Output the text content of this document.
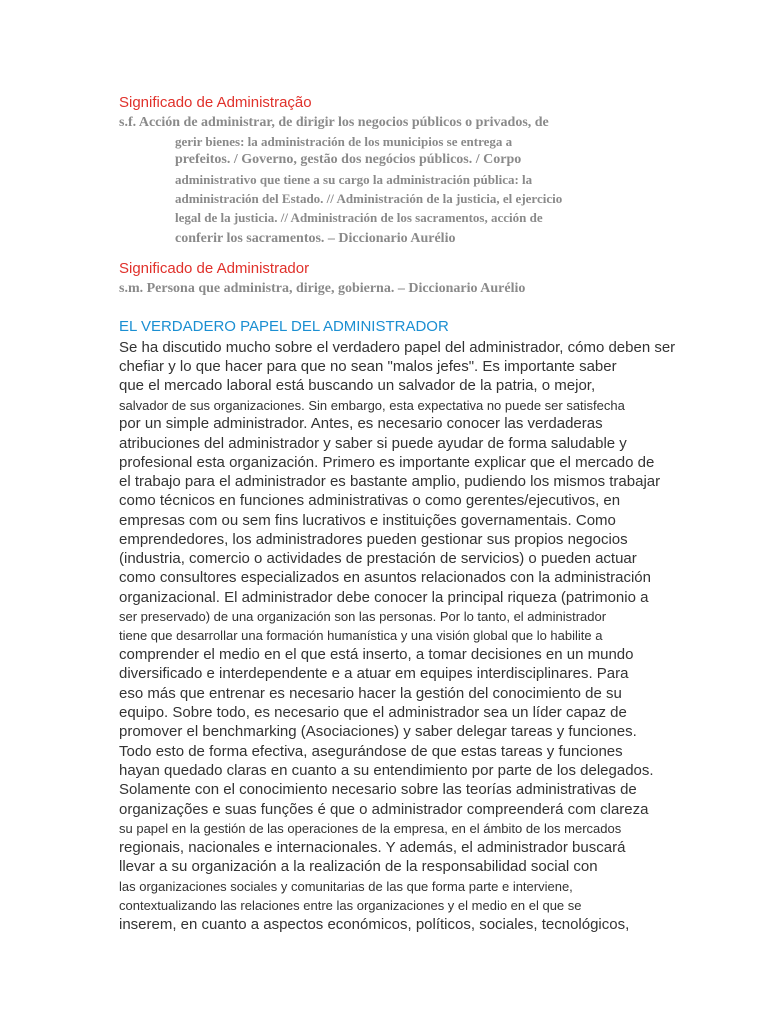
Significado de Administração
s.f. Acción de administrar, de dirigir los negocios públicos o privados, de
gerir bienes: la administración de los municipios se entrega a
prefeitos. / Governo, gestão dos negócios públicos. / Corpo
administrativo que tiene a su cargo la administración pública: la
administración del Estado. // Administración de la justicia, el ejercicio
legal de la justicia. // Administración de los sacramentos, acción de
conferir los sacramentos. – Diccionario Aurélio
Significado de Administrador
s.m. Persona que administra, dirige, gobierna. – Diccionario Aurélio
EL VERDADERO PAPEL DEL ADMINISTRADOR
Se ha discutido mucho sobre el verdadero papel del administrador, cómo deben ser
chefiar y lo que hacer para que no sean "malos jefes". Es importante saber
que el mercado laboral está buscando un salvador de la patria, o mejor,
salvador de sus organizaciones. Sin embargo, esta expectativa no puede ser satisfecha
por un simple administrador. Antes, es necesario conocer las verdaderas
atribuciones del administrador y saber si puede ayudar de forma saludable y
profesional esta organización. Primero es importante explicar que el mercado de
el trabajo para el administrador es bastante amplio, pudiendo los mismos trabajar
como técnicos en funciones administrativas o como gerentes/ejecutivos, en
empresas com ou sem fins lucrativos e instituições governamentais. Como
emprendedores, los administradores pueden gestionar sus propios negocios
(industria, comercio o actividades de prestación de servicios) o pueden actuar
como consultores especializados en asuntos relacionados con la administración
organizacional. El administrador debe conocer la principal riqueza (patrimonio a
ser preservado) de una organización son las personas. Por lo tanto, el administrador
tiene que desarrollar una formación humanística y una visión global que lo habilite a
comprender el medio en el que está inserto, a tomar decisiones en un mundo
diversificado e interdependente e a atuar em equipes interdisciplinares. Para
eso más que entrenar es necesario hacer la gestión del conocimiento de su
equipo. Sobre todo, es necesario que el administrador sea un líder capaz de
promover el benchmarking (Asociaciones) y saber delegar tareas y funciones.
Todo esto de forma efectiva, asegurándose de que estas tareas y funciones
hayan quedado claras en cuanto a su entendimiento por parte de los delegados.
Solamente con el conocimiento necesario sobre las teorías administrativas de
organizações e suas funções é que o administrador compreenderá com clareza
su papel en la gestión de las operaciones de la empresa, en el ámbito de los mercados
regionais, nacionales e internacionales. Y además, el administrador buscará
llevar a su organización a la realización de la responsabilidad social con
las organizaciones sociales y comunitarias de las que forma parte e interviene,
contextualizando las relaciones entre las organizaciones y el medio en el que se
inserem, en cuanto a aspectos económicos, políticos, sociales, tecnológicos,
